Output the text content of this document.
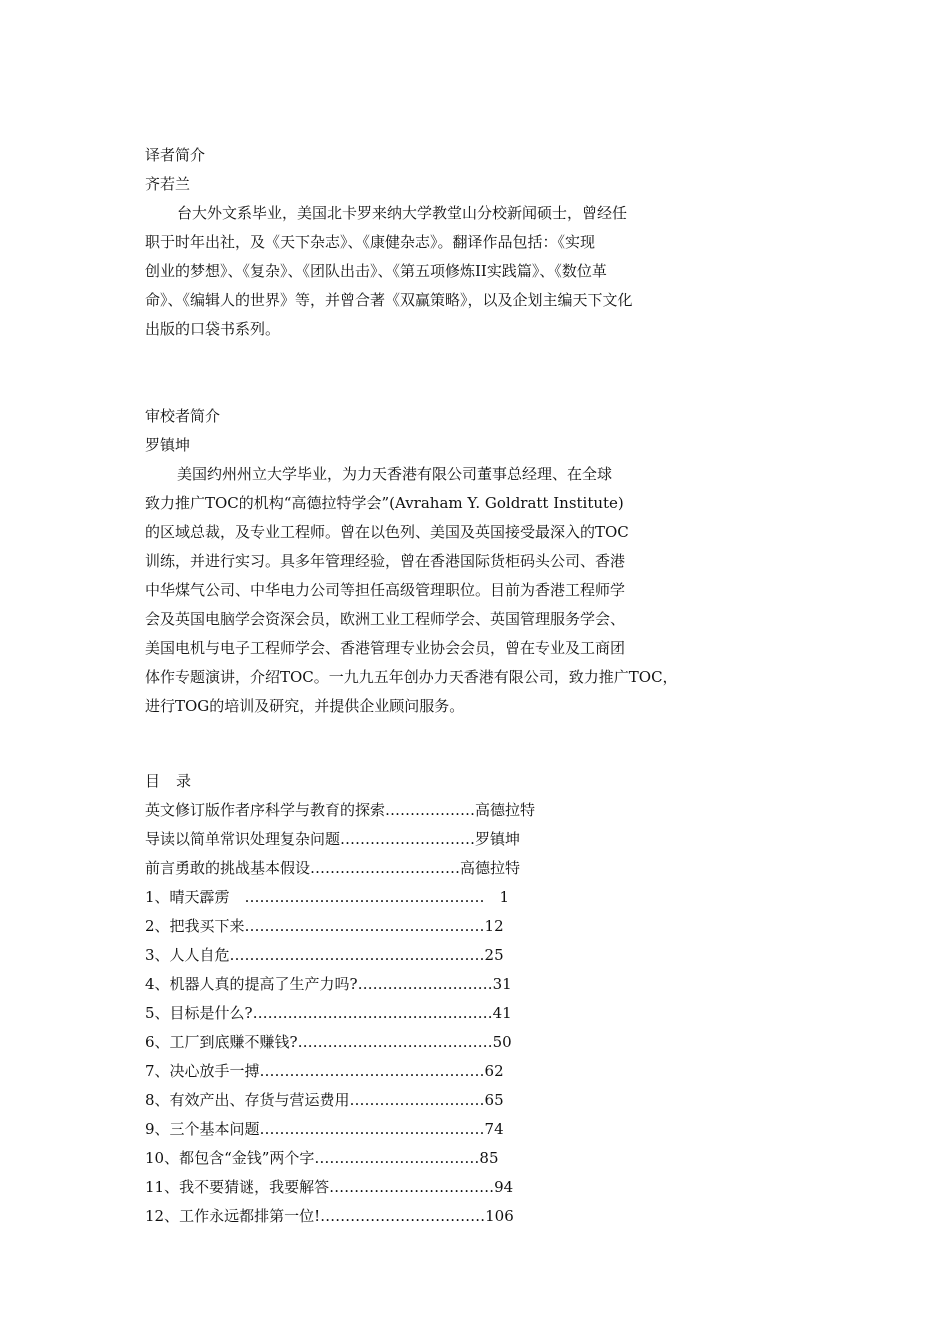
译者简介
齐若兰
台大外文系毕业，美国北卡罗来纳大学教堂山分校新闻硕士，曾经任
职于时年出社，及《天下杂志》、《康健杂志》。翻译作品包括：《实现
创业的梦想》、《复杂》、《团队出击》、《第五项修炼II实践篇》、《数位革
命》、《编辑人的世界》等，并曾合著《双赢策略》，以及企划主编天下文化
出版的口袋书系列。
审校者简介
罗镇坤
美国约州州立大学毕业，为力天香港有限公司董事总经理、在全球
致力推广TOC的机构“高德拉特学会”(Avraham Y. Goldratt Institute)
的区域总裁，及专业工程师。曾在以色列、美国及英国接受最深入的TOC
训练，并进行实习。具多年管理经验，曾在香港国际货柜码头公司、香港
中华煤气公司、中华电力公司等担任高级管理职位。目前为香港工程师学
会及英国电脑学会资深会员，欧洲工业工程师学会、英国管理服务学会、
美国电机与电子工程师学会、香港管理专业协会会员，曾在专业及工商团
体作专题演讲，介绍TOC。一九九五年创办力天香港有限公司，致力推广TOC，
进行TOG的培训及研究，并提供企业顾问服务。
目 录
英文修订版作者序科学与教育的探索………………高德拉特
导读以简单常识处理复杂问题………………………罗镇坤
前言勇敢的挑战基本假设…………………………高德拉特
1、晴天霹雳　…………………………………………　1
2、把我买下来…………………………………………12
3、人人自危……………………………………………25
4、机器人真的提高了生产力吗?………………………31
5、目标是什么?…………………………………………41
6、工厂到底赚不赚钱?…………………………………50
7、决心放手一搏………………………………………62
8、有效产出、存货与营运费用………………………65
9、三个基本问题………………………………………74
10、都包含“金钱”两个字……………………………85
11、我不要猜谜，我要解答……………………………94
12、工作永远都排第一位!……………………………106
